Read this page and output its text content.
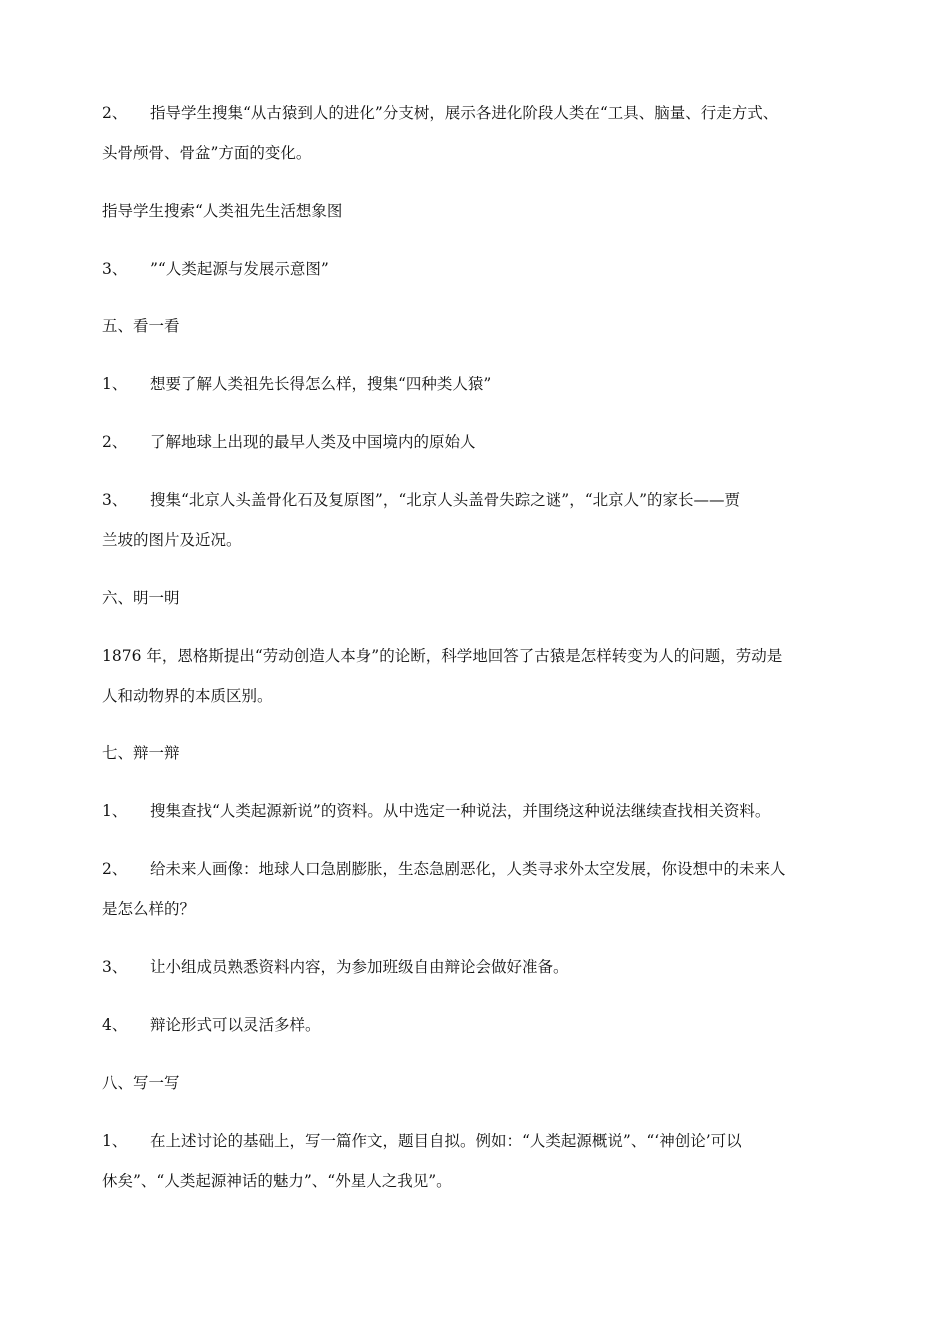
2、 指导学生搜集“从古猿到人的进化”分支树，展示各进化阶段人类在“工具、脑量、行走方式、
头骨颅骨、骨盆”方面的变化。
指导学生搜索“人类祖先生活想象图
3、 ”“人类起源与发展示意图”
五、看一看
1、 想要了解人类祖先长得怎么样，搜集“四种类人猿”
2、 了解地球上出现的最早人类及中国境内的原始人
3、 搜集“北京人头盖骨化石及复原图”，“北京人头盖骨失踪之谜”，“北京人”的家长——贾
兰坡的图片及近况。
六、明一明
1876 年，恩格斯提出“劳动创造人本身”的论断，科学地回答了古猿是怎样转变为人的问题，劳动是
人和动物界的本质区别。
七、辩一辩
1、 搜集查找“人类起源新说”的资料。从中选定一种说法，并围绕这种说法继续查找相关资料。
2、 给未来人画像：地球人口急剧膨胀，生态急剧恶化，人类寻求外太空发展，你设想中的未来人
是怎么样的？
3、 让小组成员熟悉资料内容，为参加班级自由辩论会做好准备。
4、 辩论形式可以灵活多样。
八、写一写
1、 在上述讨论的基础上，写一篇作文，题目自拟。例如：“人类起源概说”、“‘神创论’可以
休矣”、“人类起源神话的魅力”、“外星人之我见”。
